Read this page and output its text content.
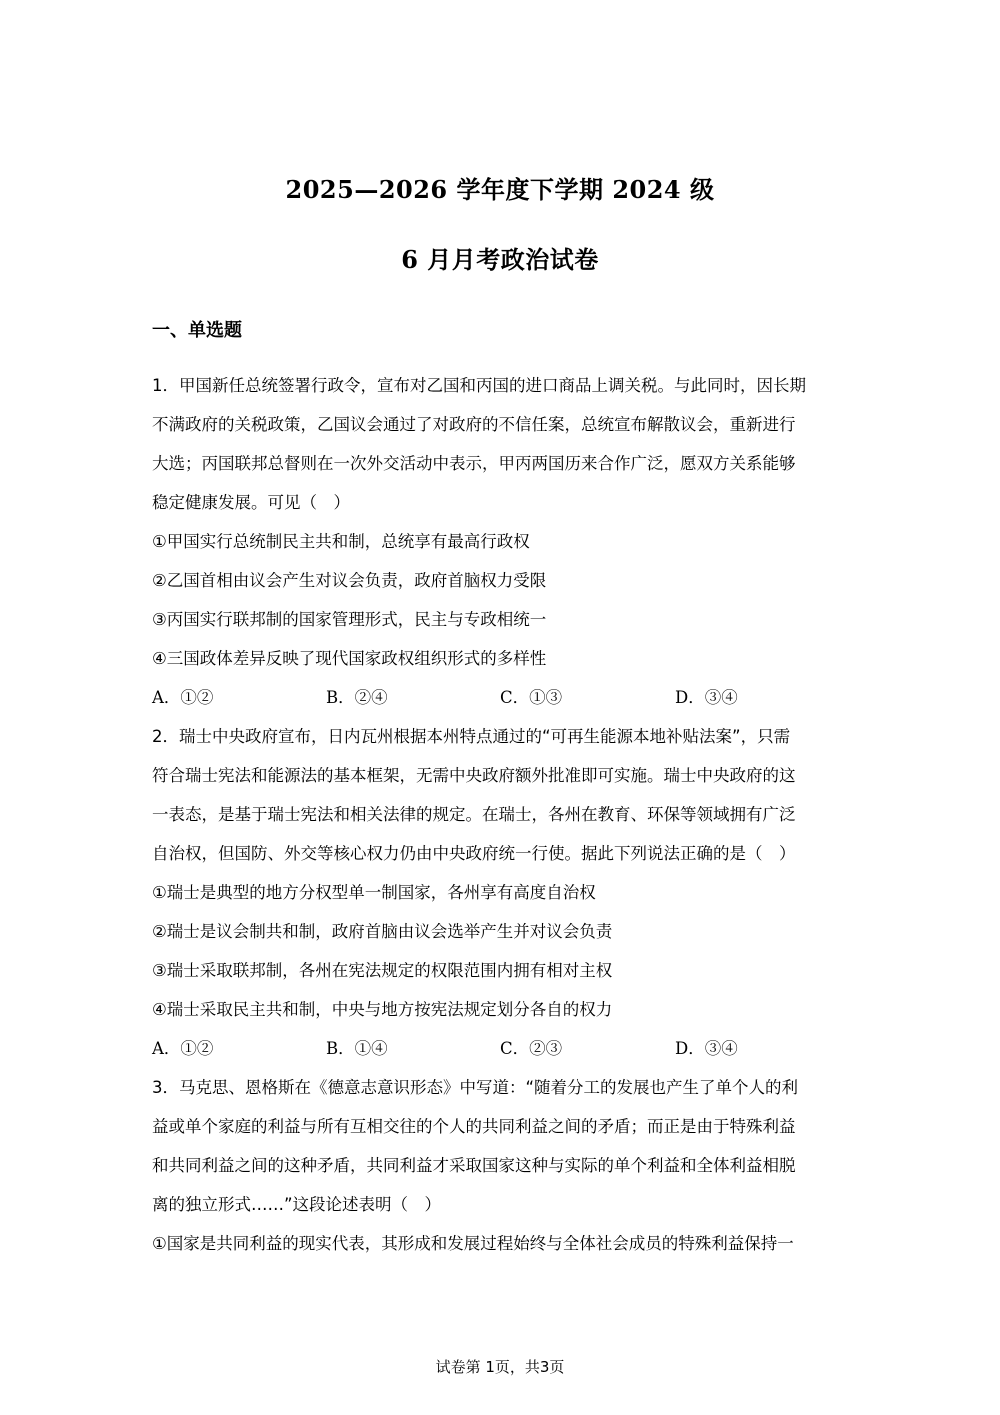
2025—2026 学年度下学期 2024 级
6 月月考政治试卷
一、单选题
1．甲国新任总统签署行政令，宣布对乙国和丙国的进口商品上调关税。与此同时，因长期
不满政府的关税政策，乙国议会通过了对政府的不信任案，总统宣布解散议会，重新进行
大选；丙国联邦总督则在一次外交活动中表示，甲丙两国历来合作广泛，愿双方关系能够
稳定健康发展。可见（　）
①甲国实行总统制民主共和制，总统享有最高行政权
②乙国首相由议会产生对议会负责，政府首脑权力受限
③丙国实行联邦制的国家管理形式，民主与专政相统一
④三国政体差异反映了现代国家政权组织形式的多样性
A．①②	B．②④	C．①③	D．③④
2．瑞士中央政府宣布，日内瓦州根据本州特点通过的“可再生能源本地补贴法案”，只需
符合瑞士宪法和能源法的基本框架，无需中央政府额外批准即可实施。瑞士中央政府的这
一表态，是基于瑞士宪法和相关法律的规定。在瑞士，各州在教育、环保等领域拥有广泛
自治权，但国防、外交等核心权力仍由中央政府统一行使。据此下列说法正确的是（　）
①瑞士是典型的地方分权型单一制国家，各州享有高度自治权
②瑞士是议会制共和制，政府首脑由议会选举产生并对议会负责
③瑞士采取联邦制，各州在宪法规定的权限范围内拥有相对主权
④瑞士采取民主共和制，中央与地方按宪法规定划分各自的权力
A．①②	B．①④	C．②③	D．③④
3．马克思、恩格斯在《德意志意识形态》中写道：“随着分工的发展也产生了单个人的利
益或单个家庭的利益与所有互相交往的个人的共同利益之间的矛盾；而正是由于特殊利益
和共同利益之间的这种矛盾，共同利益才采取国家这种与实际的单个利益和全体利益相脱
离的独立形式……”这段论述表明（　）
①国家是共同利益的现实代表，其形成和发展过程始终与全体社会成员的特殊利益保持一
试卷第 1页，共3页
